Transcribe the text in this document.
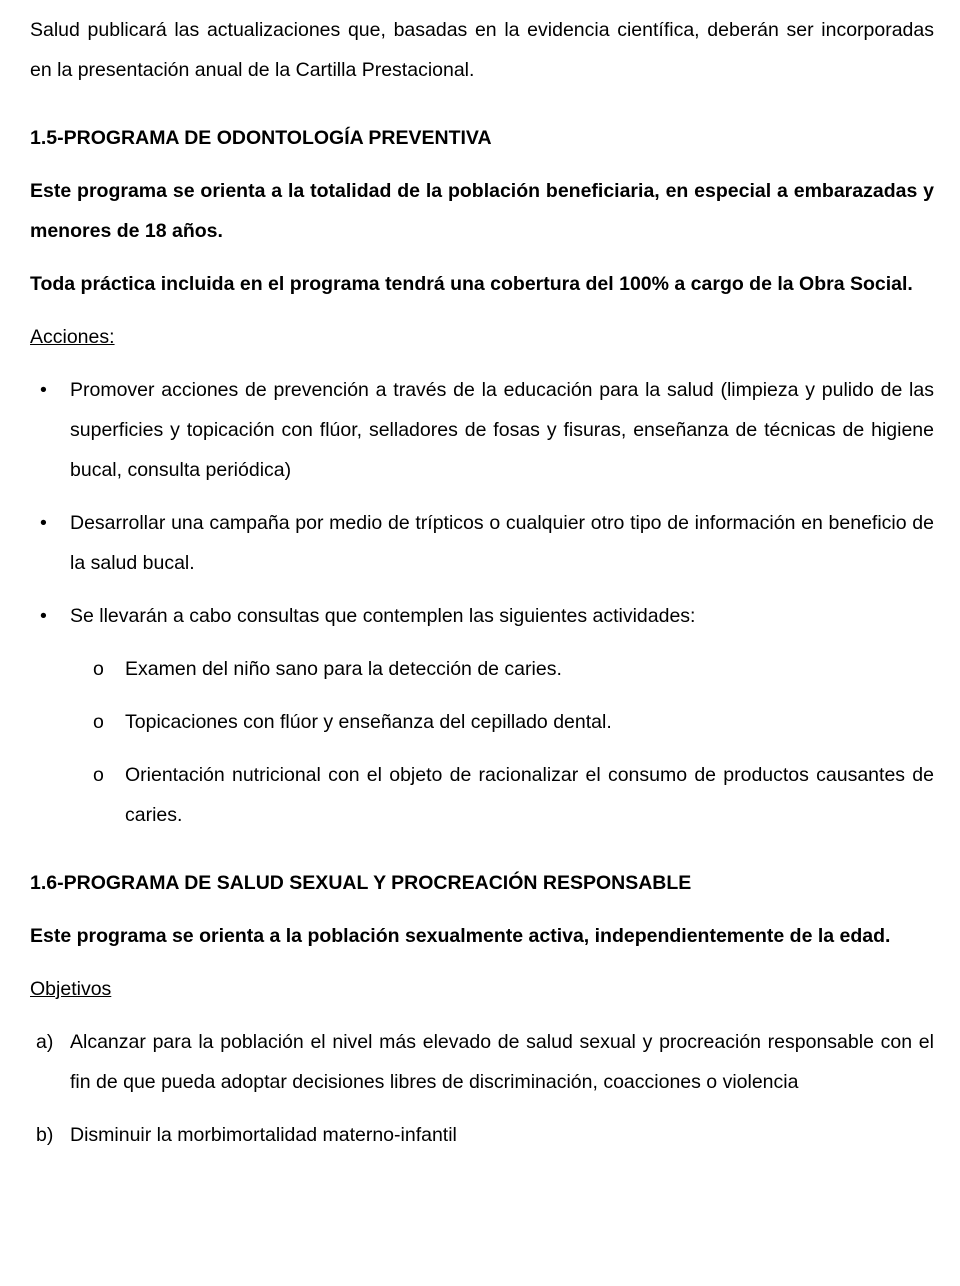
Salud publicará las actualizaciones que, basadas en la evidencia científica, deberán ser incorporadas en la presentación anual de la Cartilla Prestacional.

1.5-PROGRAMA DE ODONTOLOGÍA PREVENTIVA

Este programa se orienta a la totalidad de la población beneficiaria, en especial a embarazadas y menores de 18 años.

Toda práctica incluida en el programa tendrá una cobertura del 100% a cargo de la Obra Social.

Acciones:

•	Promover acciones de prevención a través de la educación para la salud (limpieza y pulido de las superficies y topicación con flúor, selladores de fosas y fisuras, enseñanza de técnicas de higiene bucal, consulta periódica)
•	Desarrollar una campaña por medio de trípticos o cualquier otro tipo de información en beneficio de la salud bucal.
•	Se llevarán a cabo consultas que contemplen las siguientes actividades:
o	Examen del niño sano para la detección de caries.
o	Topicaciones con flúor y enseñanza del cepillado dental.
o	Orientación nutricional con el objeto de racionalizar el consumo de productos causantes de caries.
1.6-PROGRAMA DE SALUD SEXUAL Y PROCREACIÓN RESPONSABLE

Este programa se orienta a la población sexualmente activa, independientemente de la edad.

Objetivos

a) Alcanzar para la población el nivel más elevado de salud sexual y procreación responsable con el fin de que pueda adoptar decisiones libres de discriminación, coacciones o violencia
b) Disminuir la morbimortalidad materno-infantil
